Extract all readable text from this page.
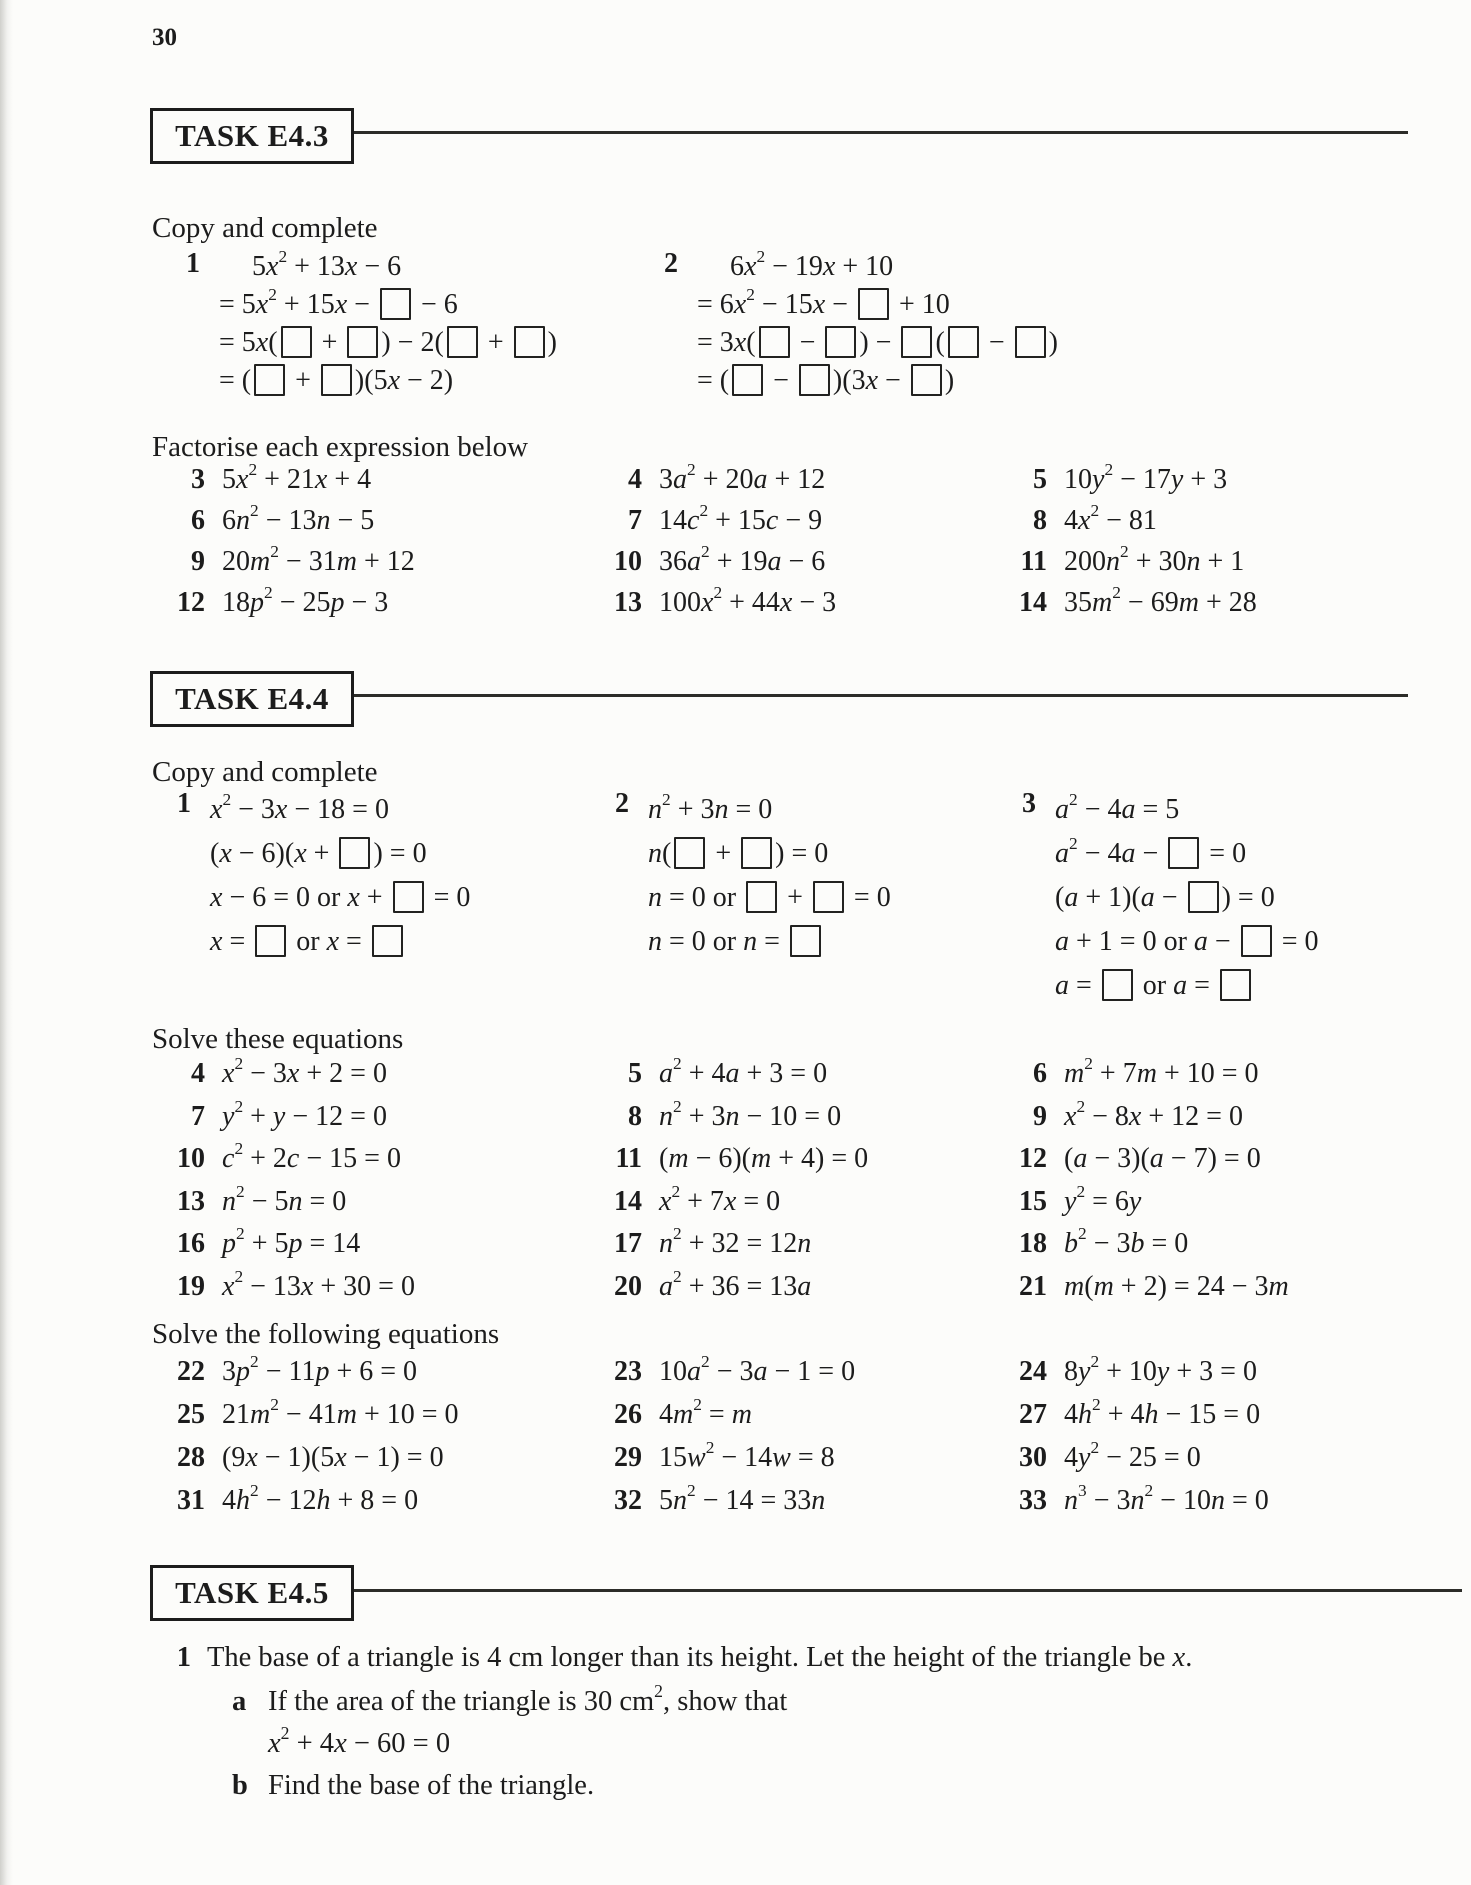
30
TASK E4.3
Copy and complete
1	$5x^2 + 13x - 6$
= $5x^2 + 15x$ −  − 6
= 5x( + ) − 2( + )
= ( + )(5x − 2)
2	$6x^2 - 19x + 10$
= $6x^2 - 15x$ −  + 10
= 3x( − ) − ( − )
= ( − )(3x − )
Factorise each expression below
3 $5x^2 + 21x + 4$	4 $3a^2 + 20a + 12$	5 $10y^2 - 17y + 3$
6 $6n^2 - 13n - 5$	7 $14c^2 + 15c - 9$	8 $4x^2 - 81$
9 $20m^2 - 31m + 12$	10 $36a^2 + 19a - 6$	11 $200n^2 + 30n + 1$
12 $18p^2 - 25p - 3$	13 $100x^2 + 44x - 3$	14 $35m^2 - 69m + 28$
TASK E4.4
Copy and complete
1 $x^2 - 3x - 18 = 0$
(x − 6)(x + ) = 0
x − 6 = 0 or x +  = 0
x =  or x =
2 $n^2 + 3n = 0$
n( + ) = 0
n = 0 or  +  = 0
n = 0 or n =
3 $a^2 - 4a = 5$
$a^2 - 4a$ −  = 0
(a + 1)(a − ) = 0
a + 1 = 0 or a −  = 0
a =  or a =
Solve these equations
4 $x^2 - 3x + 2 = 0$	5 $a^2 + 4a + 3 = 0$	6 $m^2 + 7m + 10 = 0$
7 $y^2 + y - 12 = 0$	8 $n^2 + 3n - 10 = 0$	9 $x^2 - 8x + 12 = 0$
10 $c^2 + 2c - 15 = 0$	11 (m − 6)(m + 4) = 0	12 (a − 3)(a − 7) = 0
13 $n^2 - 5n = 0$	14 $x^2 + 7x = 0$	15 $y^2 = 6y$
16 $p^2 + 5p = 14$	17 $n^2 + 32 = 12n$	18 $b^2 - 3b = 0$
19 $x^2 - 13x + 30 = 0$	20 $a^2 + 36 = 13a$	21 m(m + 2) = 24 − 3m
Solve the following equations
22 $3p^2 - 11p + 6 = 0$	23 $10a^2 - 3a - 1 = 0$	24 $8y^2 + 10y + 3 = 0$
25 $21m^2 - 41m + 10 = 0$	26 $4m^2 = m$	27 $4h^2 + 4h - 15 = 0$
28 (9x − 1)(5x − 1) = 0	29 $15w^2 - 14w = 8$	30 $4y^2 - 25 = 0$
31 $4h^2 - 12h + 8 = 0$	32 $5n^2 - 14 = 33n$	33 $n^3 - 3n^2 - 10n = 0$
TASK E4.5
1 The base of a triangle is 4 cm longer than its height. Let the height of the triangle be x.
a If the area of the triangle is 30 $cm^2$, show that
$x^2 + 4x - 60 = 0$
b Find the base of the triangle.
